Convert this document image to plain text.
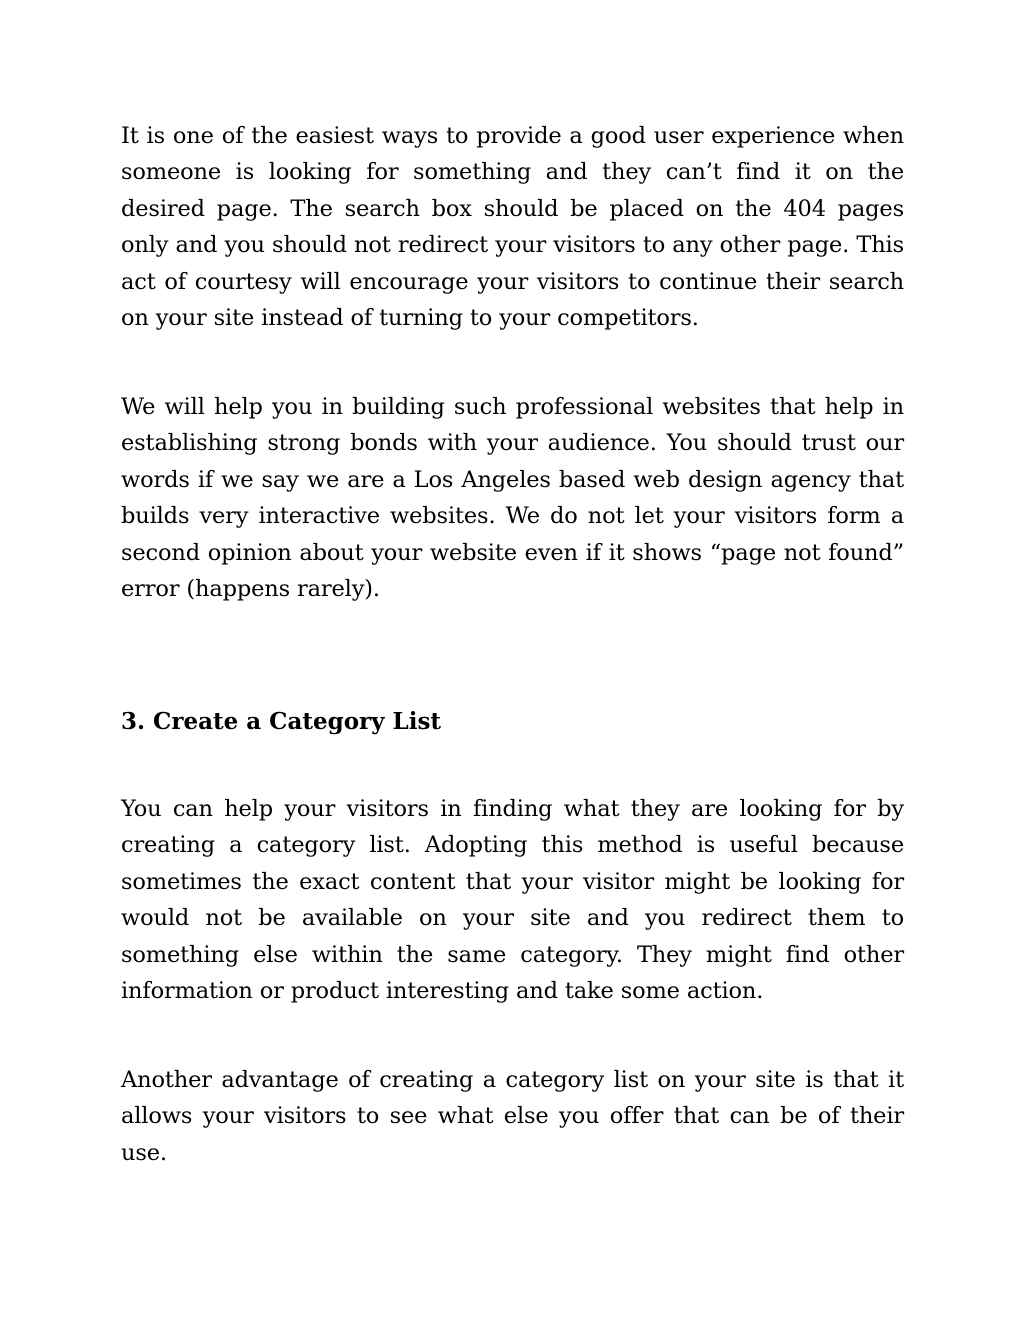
It is one of the easiest ways to provide a good user experience when someone is looking for something and they can’t find it on the desired page. The search box should be placed on the 404 pages only and you should not redirect your visitors to any other page. This act of courtesy will encourage your visitors to continue their search on your site instead of turning to your competitors.

We will help you in building such professional websites that help in establishing strong bonds with your audience. You should trust our words if we say we are a Los Angeles based web design agency that builds very interactive websites. We do not let your visitors form a second opinion about your website even if it shows “page not found” error (happens rarely).

3. Create a Category List

You can help your visitors in finding what they are looking for by creating a category list. Adopting this method is useful because sometimes the exact content that your visitor might be looking for would not be available on your site and you redirect them to something else within the same category. They might find other information or product interesting and take some action.

Another advantage of creating a category list on your site is that it allows your visitors to see what else you offer that can be of their use.
